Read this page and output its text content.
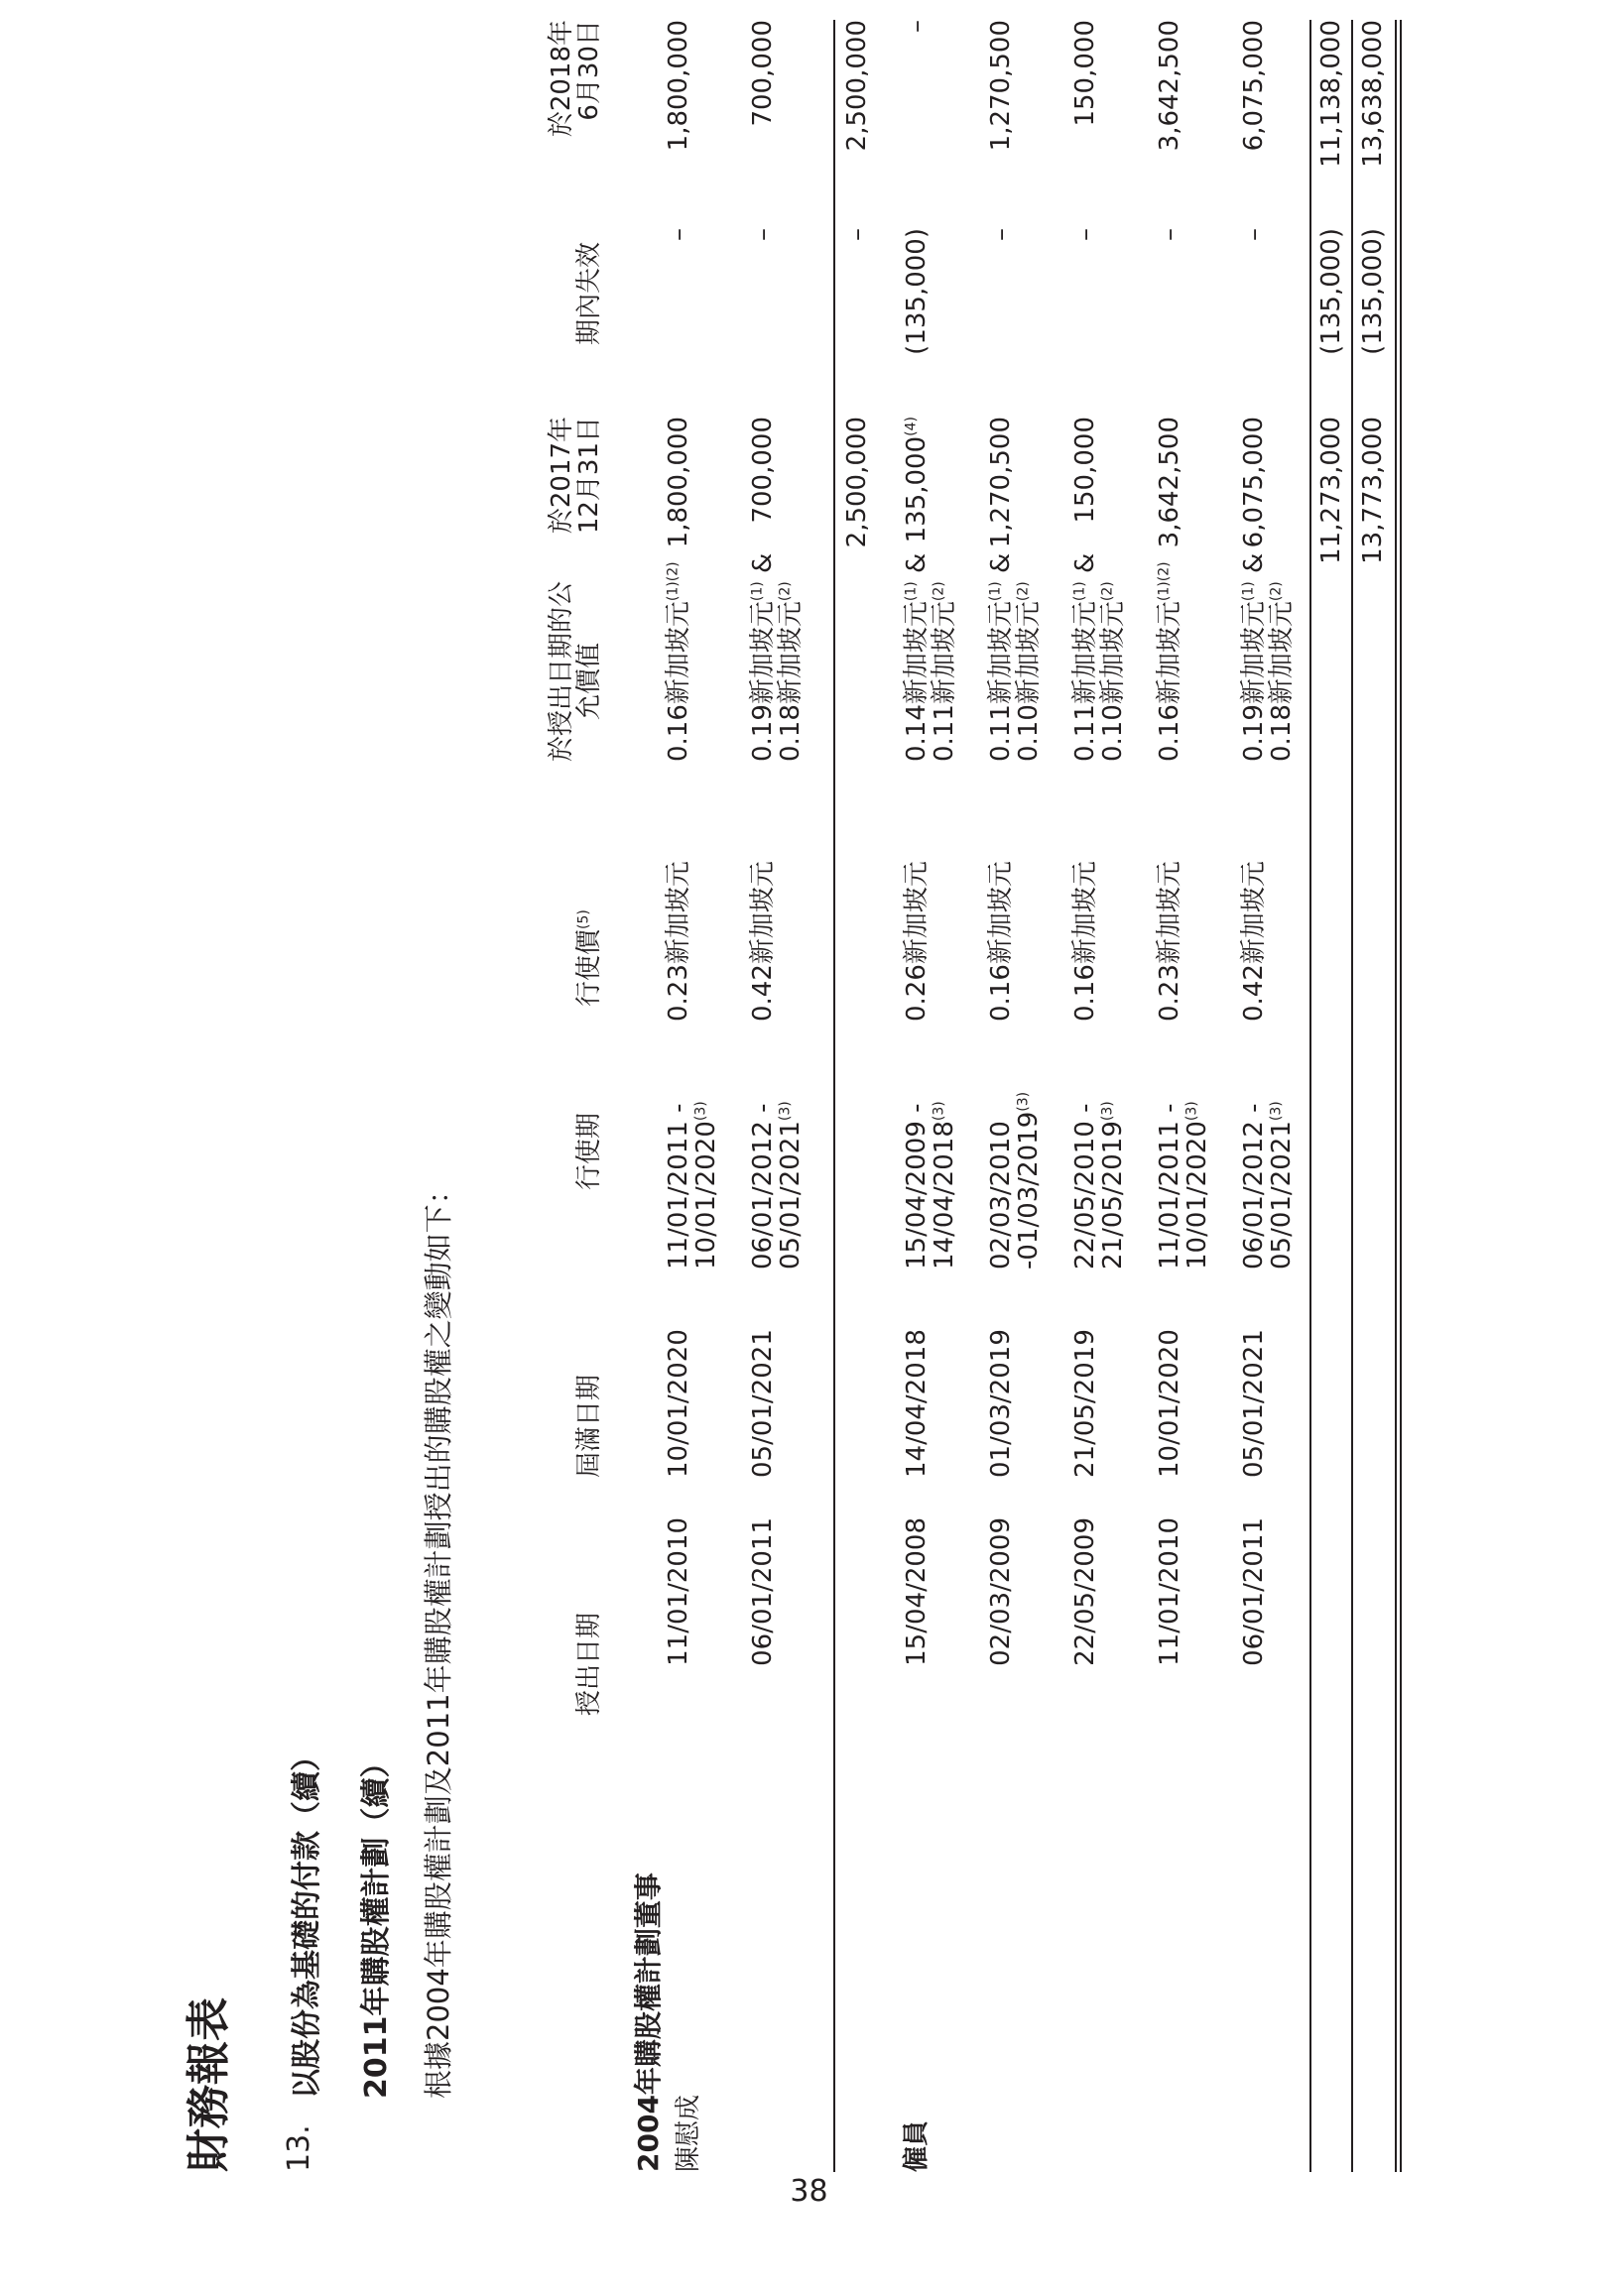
38
財務報表 13.
以股份為基礎的付款（續） 2011年購股權計劃（續） 根據2004年購股權計劃及2011年購股權計劃授出的購股權之變動如下：	授出日期
屆滿日期
行使期
行使價$^{(5)}$
於授出日期的公
允價值
於2017年
12月31日
期內失效
於2018年
6月30日
2004年購股權計劃董事 陳慰成
11/01/2010
10/01/2020
11/01/2011 -
10/01/2020$^{(3)}$
0.23新加坡元
0.16新加坡元$^{(1)(2)}$
1,800,000
–
1,800,000
06/01/2011
05/01/2021
06/01/2012 -
05/01/2021$^{(3)}$
0.42新加坡元
0.19新加坡元$^{(1)}$ &
0.18新加坡元$^{(2)}$
700,000
–
700,000
15/04/2008
14/04/2018
15/04/2009 -
14/04/2018$^{(3)}$
0.26新加坡元
0.14新加坡元$^{(1)}$ &
0.11新加坡元$^{(2)}$
135,000$^{(4)}$
(135,000)
–
02/03/2009
01/03/2019
02/03/2010
-01/03/2019$^{(3)}$
0.16新加坡元
0.11新加坡元$^{(1)}$ &
0.10新加坡元$^{(2)}$
1,270,500
–
1,270,500
22/05/2009
21/05/2019
22/05/2010 -
21/05/2019$^{(3)}$
0.16新加坡元
0.11新加坡元$^{(1)}$ &
0.10新加坡元$^{(2)}$
150,000
–
150,000
11/01/2010
10/01/2020
11/01/2011 -
10/01/2020$^{(3)}$
0.23新加坡元
0.16新加坡元$^{(1)(2)}$
3,642,500
–
3,642,500
06/01/2011
05/01/2021
06/01/2012 -
05/01/2021$^{(3)}$
0.42新加坡元
0.19新加坡元$^{(1)}$ &
0.18新加坡元$^{(2)}$
6,075,000
–
6,075,000
僱員
2,500,000
–
2,500,000
11,273,000
(135,000)
11,138,000
13,773,000
(135,000)
13,638,000
